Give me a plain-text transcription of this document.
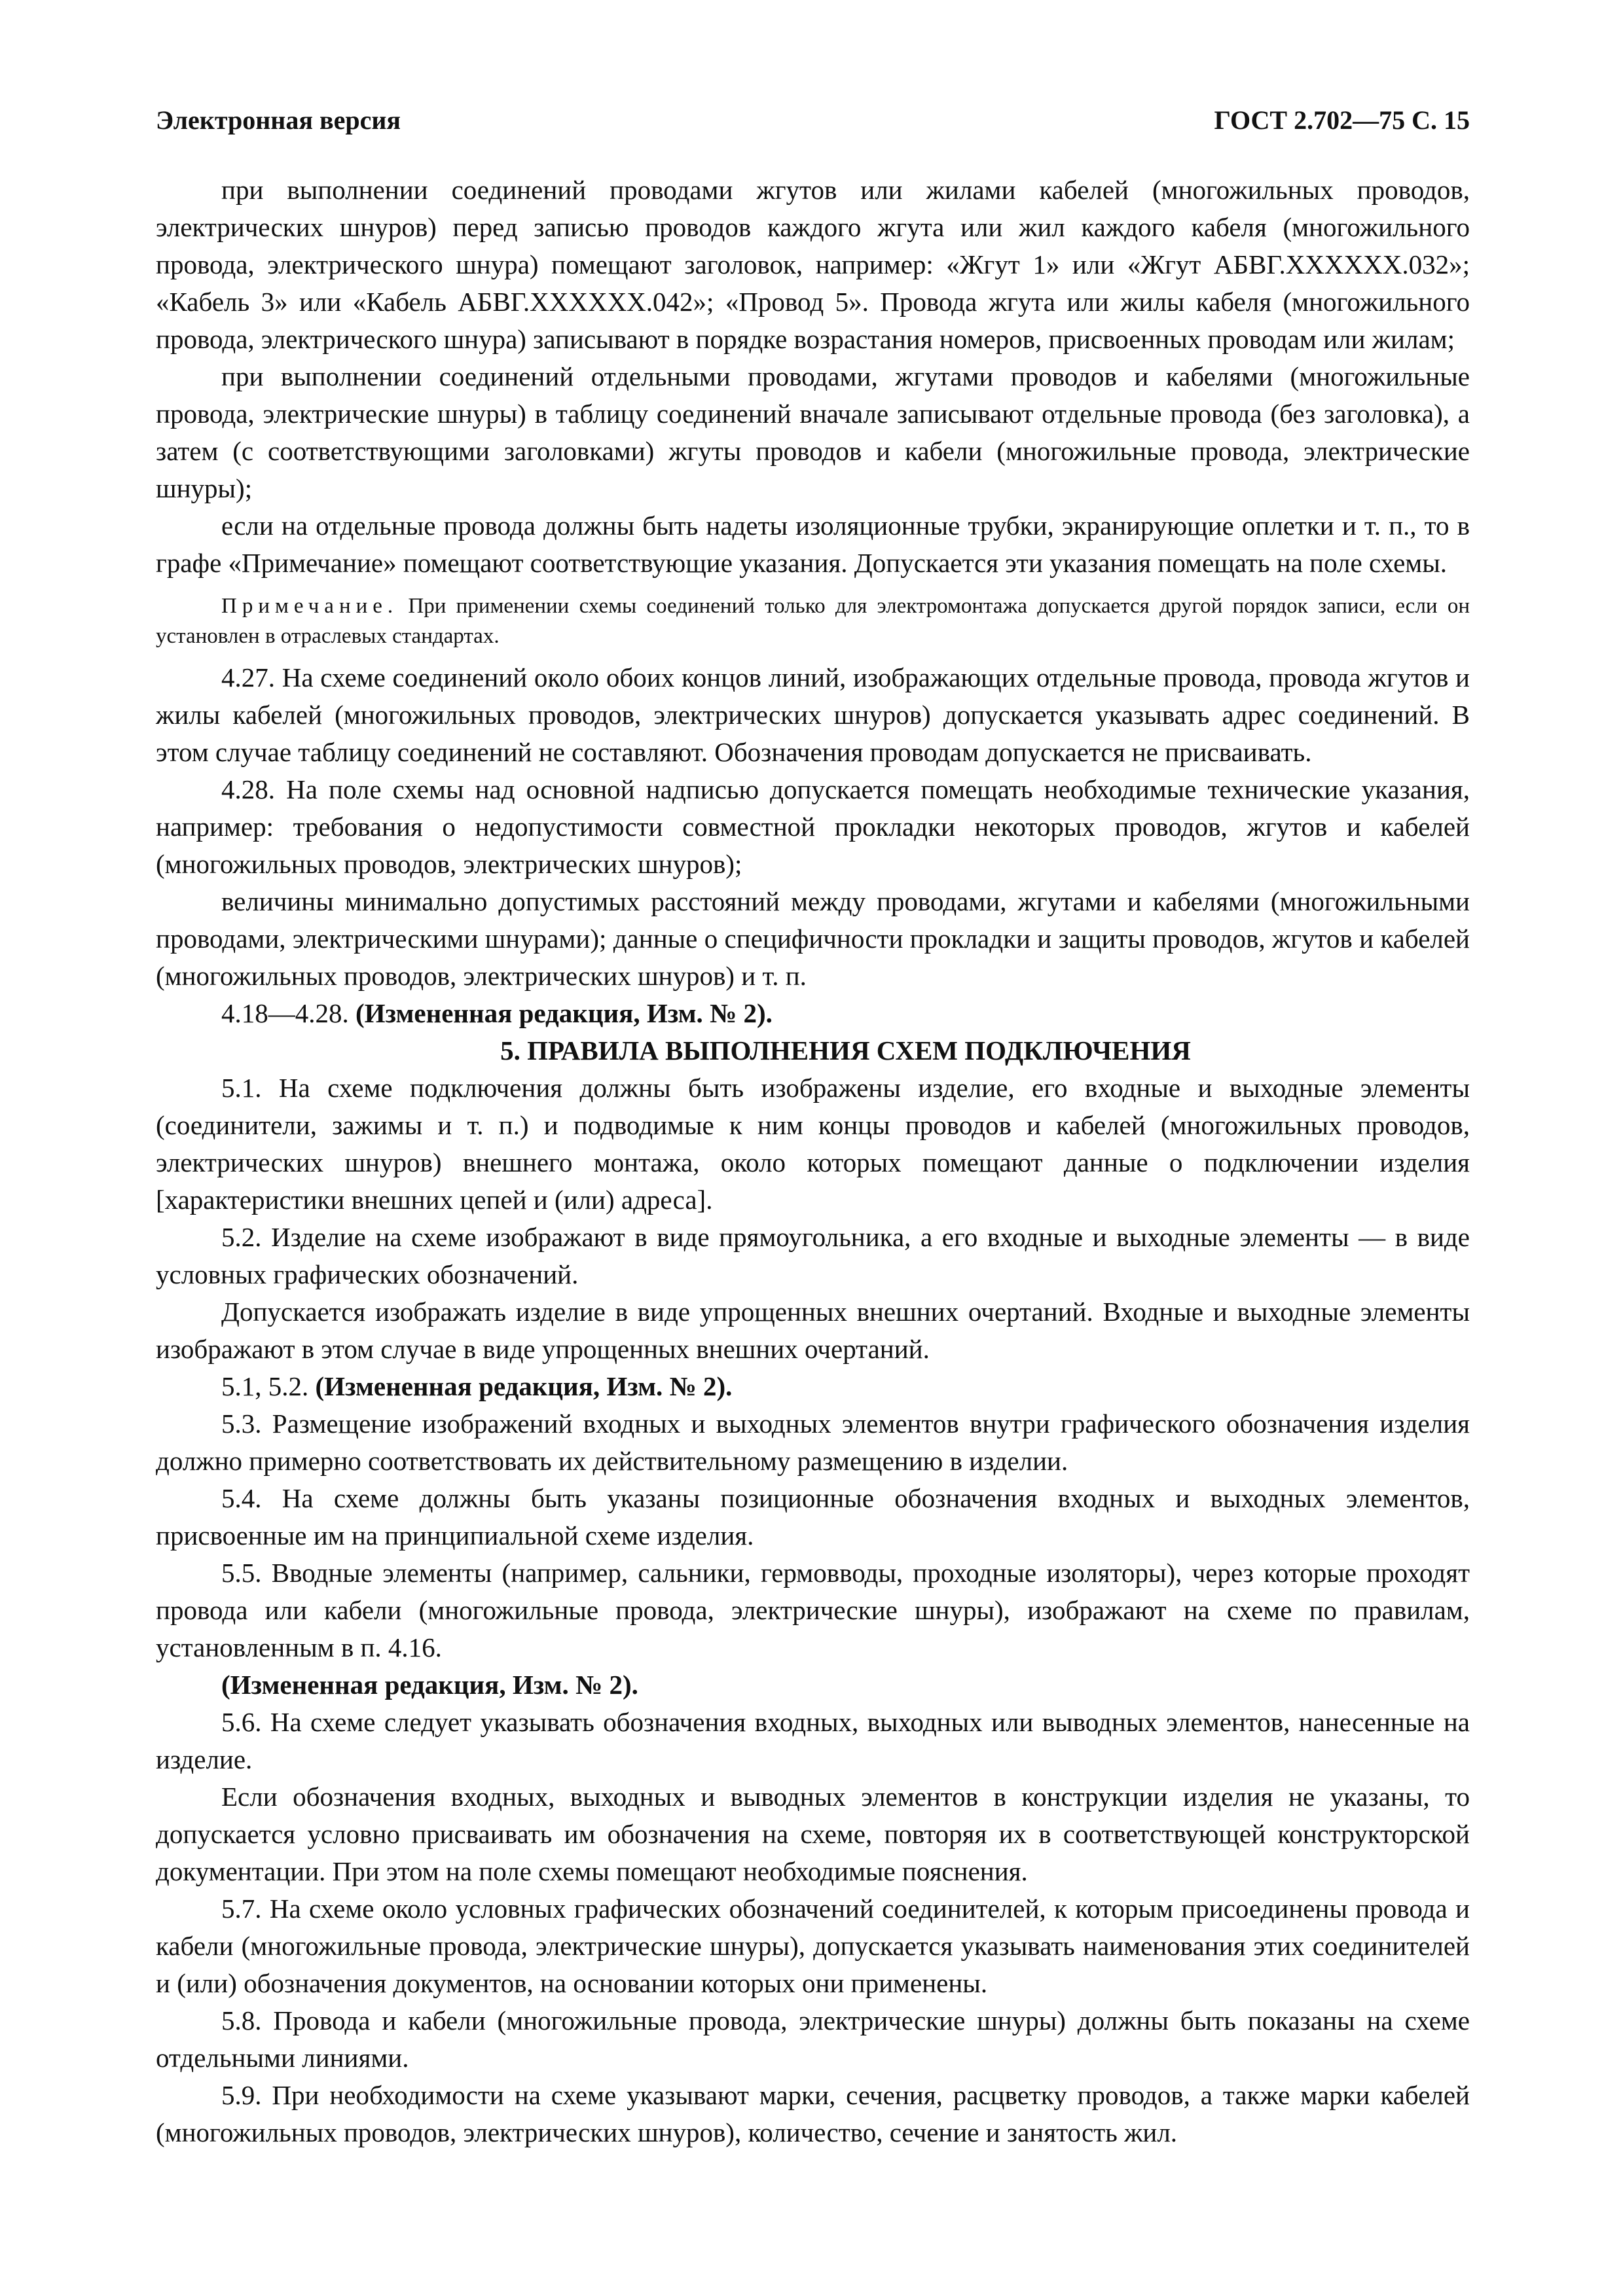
Электронная версия	ГОСТ 2.702—75 С. 15

при выполнении соединений проводами жгутов или жилами кабелей (многожильных проводов, электрических шнуров) перед записью проводов каждого жгута или жил каждого кабеля (многожильного провода, электрического шнура) помещают заголовок, например: «Жгут 1» или «Жгут АБВГ.XXXXXX.032»; «Кабель 3» или «Кабель АБВГ.XXXXXX.042»; «Провод 5». Провода жгута или жилы кабеля (многожильного провода, электрического шнура) записывают в порядке возрастания номеров, присвоенных проводам или жилам;

при выполнении соединений отдельными проводами, жгутами проводов и кабелями (многожильные провода, электрические шнуры) в таблицу соединений вначале записывают отдельные провода (без заголовка), а затем (с соответствующими заголовками) жгуты проводов и кабели (многожильные провода, электрические шнуры);

если на отдельные провода должны быть надеты изоляционные трубки, экранирующие оплетки и т. п., то в графе «Примечание» помещают соответствующие указания. Допускается эти указания помещать на поле схемы.

Примечание. При применении схемы соединений только для электромонтажа допускается другой порядок записи, если он установлен в отраслевых стандартах.

4.27. На схеме соединений около обоих концов линий, изображающих отдельные провода, провода жгутов и жилы кабелей (многожильных проводов, электрических шнуров) допускается указывать адрес соединений. В этом случае таблицу соединений не составляют. Обозначения проводам допускается не присваивать.

4.28. На поле схемы над основной надписью допускается помещать необходимые технические указания, например: требования о недопустимости совместной прокладки некоторых проводов, жгутов и кабелей (многожильных проводов, электрических шнуров);

величины минимально допустимых расстояний между проводами, жгутами и кабелями (многожильными проводами, электрическими шнурами); данные о специфичности прокладки и защиты проводов, жгутов и кабелей (многожильных проводов, электрических шнуров) и т. п.

4.18—4.28. (Измененная редакция, Изм. № 2).

5. ПРАВИЛА ВЫПОЛНЕНИЯ СХЕМ ПОДКЛЮЧЕНИЯ

5.1. На схеме подключения должны быть изображены изделие, его входные и выходные элементы (соединители, зажимы и т. п.) и подводимые к ним концы проводов и кабелей (многожильных проводов, электрических шнуров) внешнего монтажа, около которых помещают данные о подключении изделия [характеристики внешних цепей и (или) адреса].

5.2. Изделие на схеме изображают в виде прямоугольника, а его входные и выходные элементы — в виде условных графических обозначений.

Допускается изображать изделие в виде упрощенных внешних очертаний. Входные и выходные элементы изображают в этом случае в виде упрощенных внешних очертаний.

5.1, 5.2. (Измененная редакция, Изм. № 2).

5.3. Размещение изображений входных и выходных элементов внутри графического обозначения изделия должно примерно соответствовать их действительному размещению в изделии.

5.4. На схеме должны быть указаны позиционные обозначения входных и выходных элементов, присвоенные им на принципиальной схеме изделия.

5.5. Вводные элементы (например, сальники, гермовводы, проходные изоляторы), через которые проходят провода или кабели (многожильные провода, электрические шнуры), изображают на схеме по правилам, установленным в п. 4.16.

(Измененная редакция, Изм. № 2).

5.6. На схеме следует указывать обозначения входных, выходных или выводных элементов, нанесенные на изделие.

Если обозначения входных, выходных и выводных элементов в конструкции изделия не указаны, то допускается условно присваивать им обозначения на схеме, повторяя их в соответствующей конструкторской документации. При этом на поле схемы помещают необходимые пояснения.

5.7. На схеме около условных графических обозначений соединителей, к которым присоединены провода и кабели (многожильные провода, электрические шнуры), допускается указывать наименования этих соединителей и (или) обозначения документов, на основании которых они применены.

5.8. Провода и кабели (многожильные провода, электрические шнуры) должны быть показаны на схеме отдельными линиями.

5.9. При необходимости на схеме указывают марки, сечения, расцветку проводов, а также марки кабелей (многожильных проводов, электрических шнуров), количество, сечение и занятость жил.
